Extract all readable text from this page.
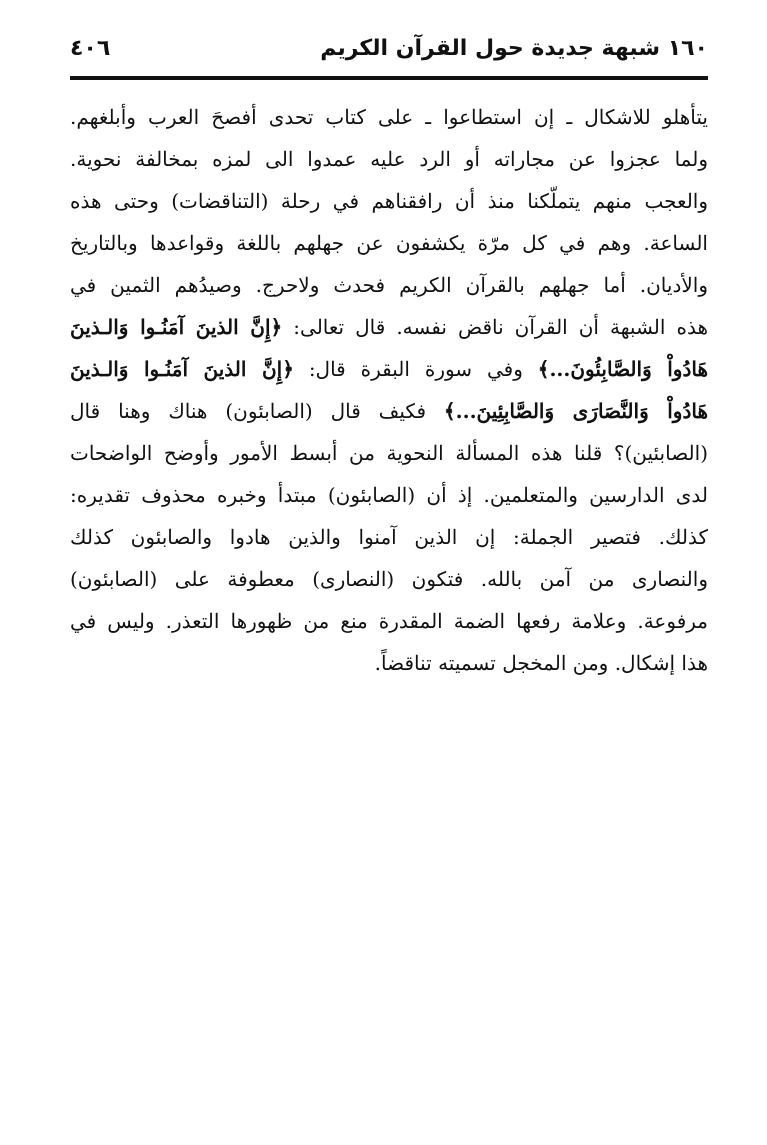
١٦٠ شبهة جديدة حول القرآن الكريم
٤٠٦
يتأهلو للاشكال ـ إن استطاعوا ـ على كتاب تحدى أفصحَ العرب وأبلغهم.
ولما عجزوا عن مجاراته أو الرد عليه عمدوا الى لمزه بمخالفة نحوية.
والعجب منهم يتملّكنا منذ أن رافقناهم في رحلة (التناقضات) وحتى هذه
الساعة. وهم في كل مرّة يكشفون عن جهلهم باللغة وقواعدها وبالتاريخ
والأديان. أما جهلهم بالقرآن الكريم فحدث ولاحرج. وصيدُهم الثمين في
هذه الشبهة أن القرآن ناقض نفسه. قال تعالى: ﴿إِنَّ الذينَ آمَنُـوا وَالـذينَ
هَادُواْ وَالصَّابِئُونَ...﴾ وفي سورة البقرة قال: ﴿إِنَّ الذينَ آمَنُـوا وَالـذينَ
هَادُواْ وَالنَّصَارَى وَالصَّابِئِينَ...﴾ فكيف قال (الصابئون) هناك وهنا قال
(الصابئين)؟ قلنا هذه المسألة النحوية من أبسط الأمور وأوضح الواضحات
لدى الدارسين والمتعلمين. إذ أن (الصابئون) مبتدأ وخبره محذوف تقديره:
كذلك. فتصير الجملة: إن الذين آمنوا والذين هادوا والصابئون كذلك
والنصارى من آمن بالله. فتكون (النصارى) معطوفة على (الصابئون)
مرفوعة. وعلامة رفعها الضمة المقدرة منع من ظهورها التعذر. وليس في
هذا إشكال. ومن المخجل تسميته تناقضاً.
